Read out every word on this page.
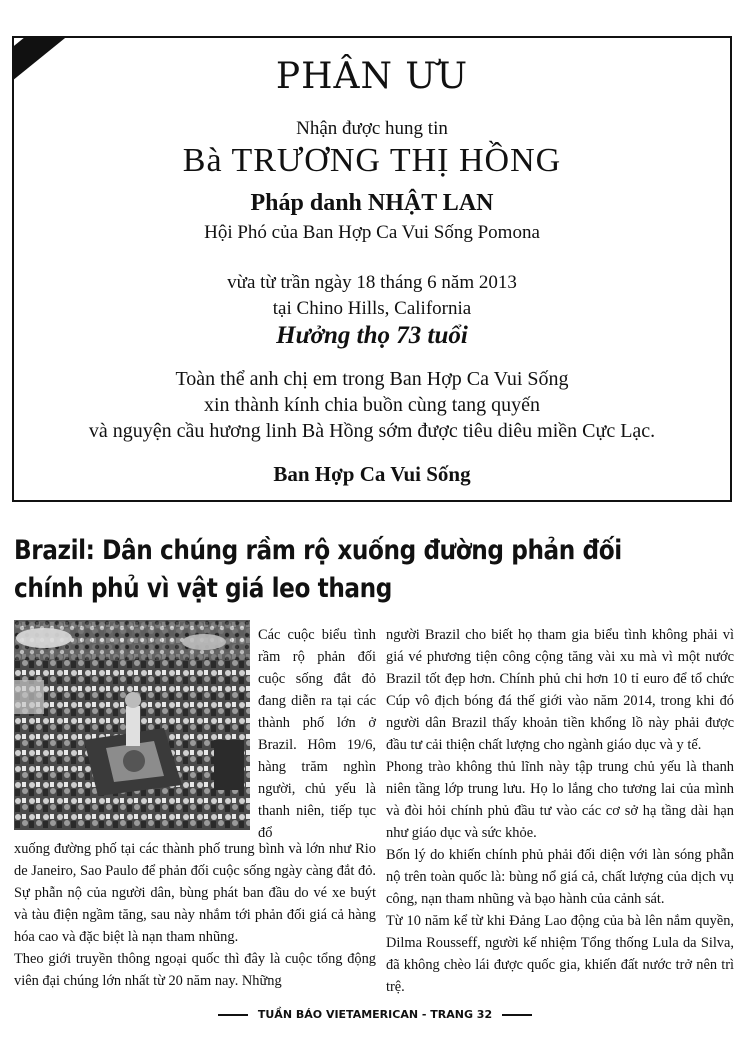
PHÂN ƯU
Nhận được hung tin
Bà TRƯƠNG THỊ HỒNG
Pháp danh NHẬT LAN
Hội Phó của Ban Hợp Ca Vui Sống Pomona
vừa từ trần ngày 18 tháng 6 năm 2013
tại Chino Hills, California
Hưởng thọ 73 tuổi
Toàn thể anh chị em trong Ban Hợp Ca Vui Sống
xin thành kính chia buồn cùng tang quyến
và nguyện cầu hương linh Bà Hồng sớm được tiêu diêu miền Cực Lạc.
Ban Hợp Ca Vui Sống
Brazil: Dân chúng rầm rộ xuống đường phản đối
chính phủ vì vật giá leo thang

Các cuộc biểu tình rầm rộ phản đối cuộc sống đắt đỏ đang diễn ra tại các thành phố lớn ở Brazil. Hôm 19/6, hàng trăm nghìn người, chủ yếu là thanh niên, tiếp tục đổ

xuống đường phố tại các thành phố trung bình và lớn như Rio de Janeiro, Sao Paulo để phản đối cuộc sống ngày càng đắt đỏ. Sự phẫn nộ của người dân, bùng phát ban đầu do vé xe buýt và tàu điện ngầm tăng, sau này nhắm tới phản đối giá cả hàng hóa cao và đặc biệt là nạn tham nhũng.

Theo giới truyền thông ngoại quốc thì đây là cuộc tổng động viên đại chúng lớn nhất từ 20 năm nay. Những

người Brazil cho biết họ tham gia biểu tình không phải vì giá vé phương tiện công cộng tăng vài xu mà vì một nước Brazil tốt đẹp hơn. Chính phủ chi hơn 10 tỉ euro để tổ chức Cúp vô địch bóng đá thế giới vào năm 2014, trong khi đó người dân Brazil thấy khoản tiền khổng lồ này phải được đầu tư cải thiện chất lượng cho ngành giáo dục và y tế.

Phong trào không thủ lĩnh này tập trung chủ yếu là thanh niên tầng lớp trung lưu. Họ lo lắng cho tương lai của mình và đòi hỏi chính phủ đầu tư vào các cơ sở hạ tầng dài hạn như giáo dục và sức khỏe.

Bốn lý do khiến chính phủ phải đối diện với làn sóng phẫn nộ trên toàn quốc là: bùng nổ giá cả, chất lượng của dịch vụ công, nạn tham nhũng và bạo hành của cảnh sát.

Từ 10 năm kể từ khi Đảng Lao động của bà lên nắm quyền, Dilma Rousseff, người kế nhiệm Tổng thống Lula da Silva, đã không chèo lái được quốc gia, khiến đất nước trở nên trì trệ.

TUẦN BÁO VIETAMERICAN - TRANG 32
